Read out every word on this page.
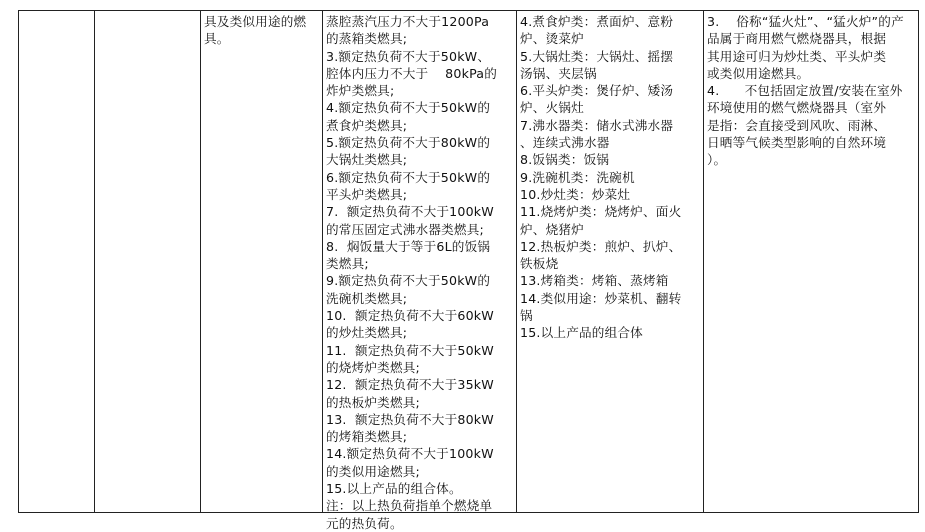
具及类似用途的燃
具。
蒸腔蒸汽压力不大于1200Pa
的蒸箱类燃具;
3.额定热负荷不大于50kW、
腔体内压力不大于    80kPa的
炸炉类燃具;
4.额定热负荷不大于50kW的
煮食炉类燃具;
5.额定热负荷不大于80kW的
大锅灶类燃具;
6.额定热负荷不大于50kW的
平头炉类燃具;
7.  额定热负荷不大于100kW
的常压固定式沸水器类燃具;
8.  焖饭量大于等于6L的饭锅
类燃具;
9.额定热负荷不大于50kW的
洗碗机类燃具;
10.  额定热负荷不大于60kW
的炒灶类燃具;
11.  额定热负荷不大于50kW
的烧烤炉类燃具;
12.  额定热负荷不大于35kW
的热板炉类燃具;
13.  额定热负荷不大于80kW
的烤箱类燃具;
14.额定热负荷不大于100kW
的类似用途燃具;
15.以上产品的组合体。
注：以上热负荷指单个燃烧单
元的热负荷。
4.煮食炉类：煮面炉、意粉
炉、烫菜炉
5.大锅灶类：大锅灶、摇摆
汤锅、夹层锅
6.平头炉类：煲仔炉、矮汤
炉、火锅灶
7.沸水器类：储水式沸水器
、连续式沸水器
8.饭锅类：饭锅
9.洗碗机类：洗碗机
10.炒灶类：炒菜灶
11.烧烤炉类：烧烤炉、面火
炉、烧猪炉
12.热板炉类：煎炉、扒炉、
铁板烧
13.烤箱类：烤箱、蒸烤箱
14.类似用途：炒菜机、翻转
锅
15.以上产品的组合体
3.    俗称“猛火灶”、“猛火炉”的产
品属于商用燃气燃烧器具，根据
其用途可归为炒灶类、平头炉类
或类似用途燃具。
4.      不包括固定放置/安装在室外
环境使用的燃气燃烧器具（室外
是指：会直接受到风吹、雨淋、
日晒等气候类型影响的自然环境
）。
